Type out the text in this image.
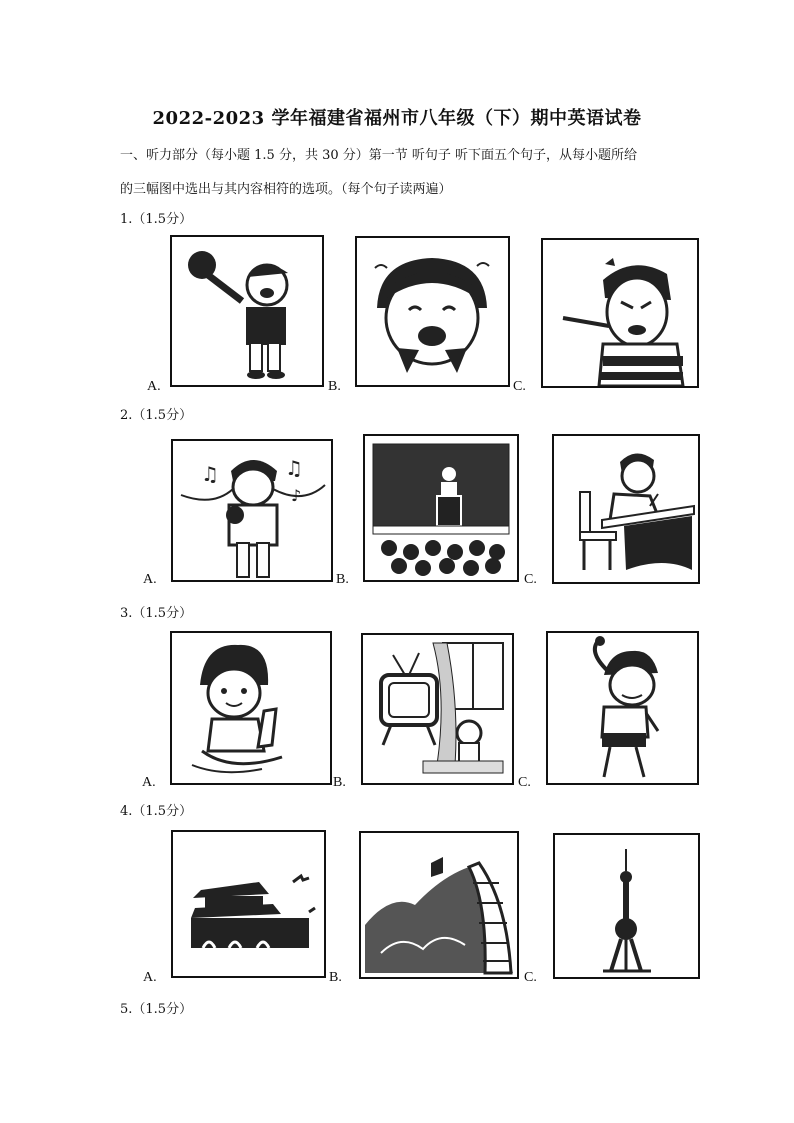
2022-2023 学年福建省福州市八年级（下）期中英语试卷
一、听力部分（每小题 1.5 分，共 30 分）第一节 听句子 听下面五个句子，从每小题所给
的三幅图中选出与其内容相符的选项。（每个句子读两遍）
1.（1.5分）
A.	B.	C.
2.（1.5分）
♫	♫
♪
A.	B.	C.
3.（1.5分）
A.	B.	C.
4.（1.5分）
A.	B.	C.
5.（1.5分）
